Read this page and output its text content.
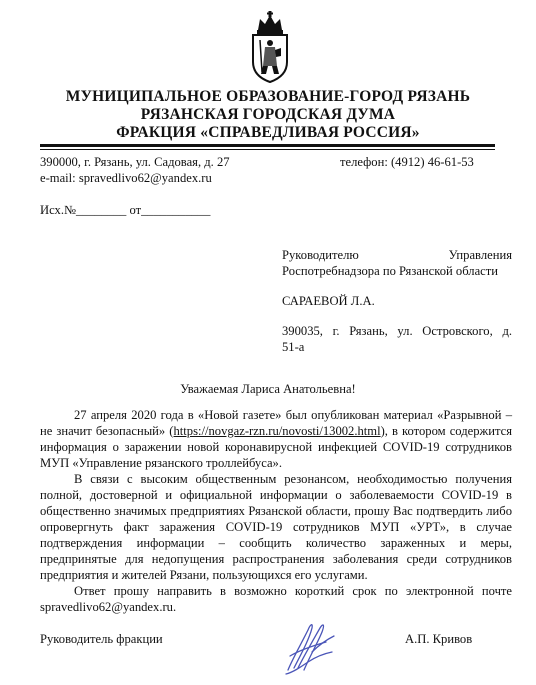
МУНИЦИПАЛЬНОЕ ОБРАЗОВАНИЕ-ГОРОД РЯЗАНЬ
РЯЗАНСКАЯ ГОРОДСКАЯ ДУМА
ФРАКЦИЯ «СПРАВЕДЛИВАЯ РОССИЯ»
390000, г. Рязань, ул. Садовая, д. 27	телефон: (4912) 46-61-53
e-mail: spravedlivo62@yandex.ru
Исх.№________ от___________
Руководителю	Управления
Роспотребнадзора по Рязанской области
САРАЕВОЙ Л.А.
390035, г. Рязань, ул. Островского, д.
51-а
Уважаемая Лариса Анатольевна!

27 апреля 2020 года в «Новой газете» был опубликован материал «Разрывной – не значит безопасный» (https://novgaz-rzn.ru/novosti/13002.html), в котором содержится информация о заражении новой коронавирусной инфекцией COVID-19 сотрудников МУП «Управление рязанского троллейбуса».

В связи с высоким общественным резонансом, необходимостью получения полной, достоверной и официальной информации о заболеваемости COVID-19 в общественно значимых предприятиях Рязанской области, прошу Вас подтвердить либо опровергнуть факт заражения COVID-19 сотрудников МУП «УРТ», в случае подтверждения информации – сообщить количество зараженных и меры, предпринятые для недопущения распространения заболевания среди сотрудников предприятия и жителей Рязани, пользующихся его услугами.

Ответ прошу направить в возможно короткий срок по электронной почте spravedlivo62@yandex.ru.

Руководитель фракции	А.П. Кривов
